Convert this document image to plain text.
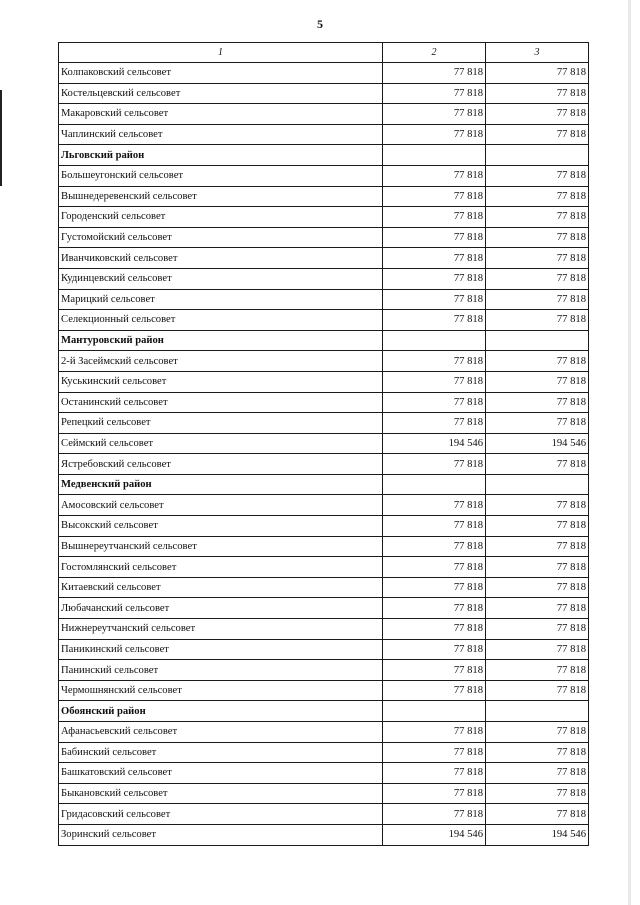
5
1	2	3
Колпаковский сельсовет	77 818	77 818
Костельцевский сельсовет	77 818	77 818
Макаровский сельсовет	77 818	77 818
Чаплинский сельсовет	77 818	77 818
Льговский район		
Большеугонский сельсовет	77 818	77 818
Вышнедеревенский сельсовет	77 818	77 818
Городенский сельсовет	77 818	77 818
Густомойский сельсовет	77 818	77 818
Иванчиковский сельсовет	77 818	77 818
Кудинцевский сельсовет	77 818	77 818
Марицкий сельсовет	77 818	77 818
Селекционный сельсовет	77 818	77 818
Мантуровский район		
2-й Засеймский сельсовет	77 818	77 818
Куськинский сельсовет	77 818	77 818
Останинский сельсовет	77 818	77 818
Репецкий сельсовет	77 818	77 818
Сеймский сельсовет	194 546	194 546
Ястребовский сельсовет	77 818	77 818
Медвенский район		
Амосовский сельсовет	77 818	77 818
Высокский сельсовет	77 818	77 818
Вышнереутчанский сельсовет	77 818	77 818
Гостомлянский сельсовет	77 818	77 818
Китаевский сельсовет	77 818	77 818
Любачанский сельсовет	77 818	77 818
Нижнереутчанский сельсовет	77 818	77 818
Паникинский сельсовет	77 818	77 818
Панинский сельсовет	77 818	77 818
Чермошнянский сельсовет	77 818	77 818
Обоянский район		
Афанасьевский сельсовет	77 818	77 818
Бабинский сельсовет	77 818	77 818
Башкатовский сельсовет	77 818	77 818
Быкановский сельсовет	77 818	77 818
Гридасовский сельсовет	77 818	77 818
Зоринский сельсовет	194 546	194 546
